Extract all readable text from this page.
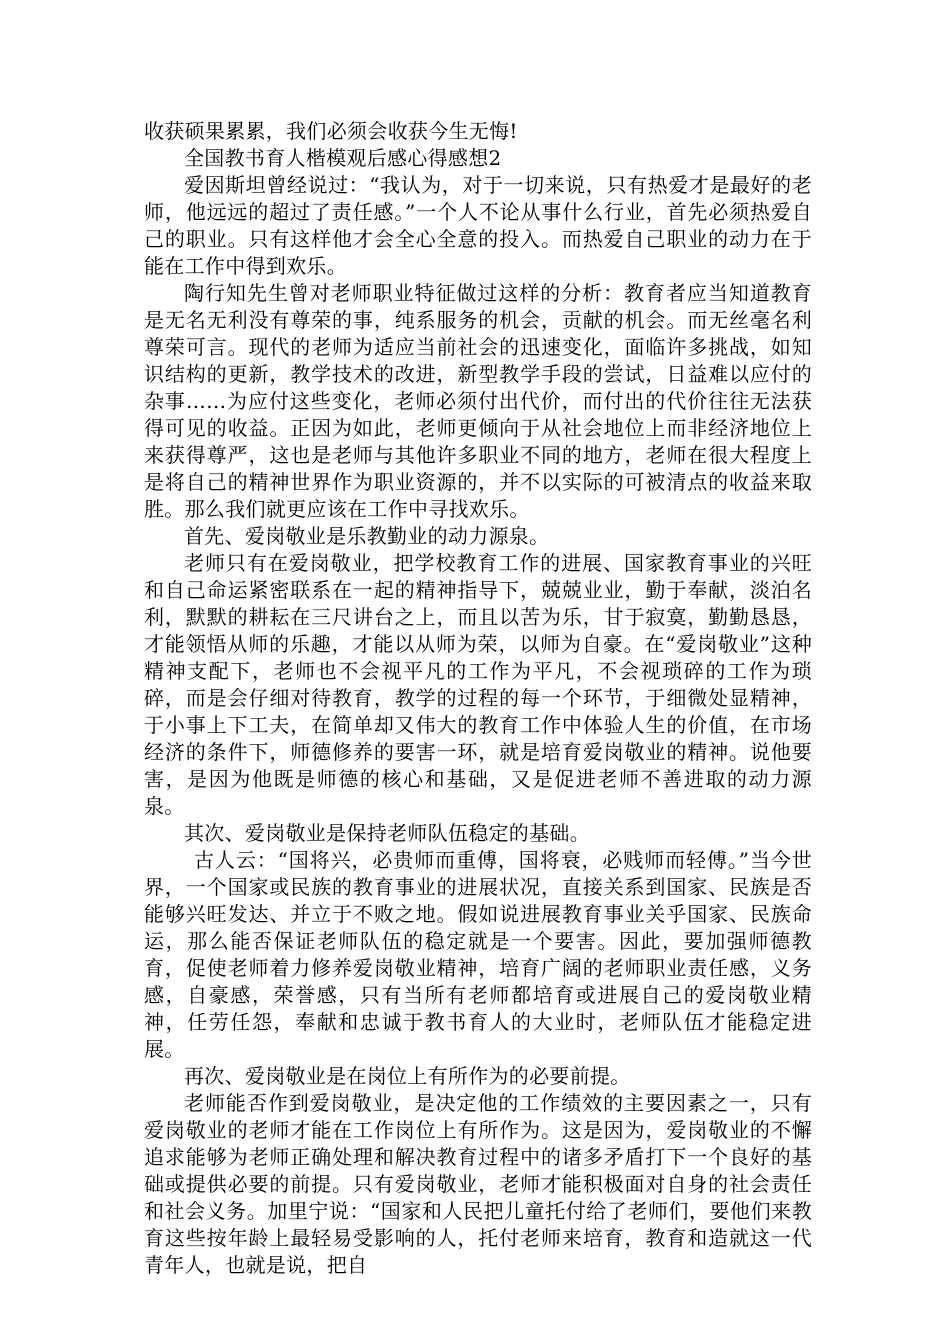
收获硕果累累，我们必须会收获今生无悔!

全国教书育人楷模观后感心得感想2

爱因斯坦曾经说过：“我认为，对于一切来说，只有热爱才是最好的老师，他远远的超过了责任感。”一个人不论从事什么行业，首先必须热爱自己的职业。只有这样他才会全心全意的投入。而热爱自己职业的动力在于能在工作中得到欢乐。

陶行知先生曾对老师职业特征做过这样的分析：教育者应当知道教育是无名无利没有尊荣的事，纯系服务的机会，贡献的机会。而无丝毫名利尊荣可言。现代的老师为适应当前社会的迅速变化，面临许多挑战，如知识结构的更新，教学技术的改进，新型教学手段的尝试，日益难以应付的杂事……为应付这些变化，老师必须付出代价，而付出的代价往往无法获得可见的收益。正因为如此，老师更倾向于从社会地位上而非经济地位上来获得尊严，这也是老师与其他许多职业不同的地方，老师在很大程度上是将自己的精神世界作为职业资源的，并不以实际的可被清点的收益来取胜。那么我们就更应该在工作中寻找欢乐。

首先、爱岗敬业是乐教勤业的动力源泉。

老师只有在爱岗敬业，把学校教育工作的进展、国家教育事业的兴旺和自己命运紧密联系在一起的精神指导下，兢兢业业，勤于奉献，淡泊名利，默默的耕耘在三尺讲台之上，而且以苦为乐，甘于寂寞，勤勤恳恳，才能领悟从师的乐趣，才能以从师为荣，以师为自豪。在“爱岗敬业”这种精神支配下，老师也不会视平凡的工作为平凡，不会视琐碎的工作为琐碎，而是会仔细对待教育，教学的过程的每一个环节，于细微处显精神，于小事上下工夫，在简单却又伟大的教育工作中体验人生的价值，在市场经济的条件下，师德修养的要害一环，就是培育爱岗敬业的精神。说他要害，是因为他既是师德的核心和基础，又是促进老师不善进取的动力源泉。

其次、爱岗敬业是保持老师队伍稳定的基础。

古人云：“国将兴，必贵师而重傅，国将衰，必贱师而轻傅。”当今世界，一个国家或民族的教育事业的进展状况，直接关系到国家、民族是否能够兴旺发达、并立于不败之地。假如说进展教育事业关乎国家、民族命运，那么能否保证老师队伍的稳定就是一个要害。因此，要加强师德教育，促使老师着力修养爱岗敬业精神，培育广阔的老师职业责任感，义务感，自豪感，荣誉感，只有当所有老师都培育或进展自己的爱岗敬业精神，任劳任怨，奉献和忠诚于教书育人的大业时，老师队伍才能稳定进展。

再次、爱岗敬业是在岗位上有所作为的必要前提。

老师能否作到爱岗敬业，是决定他的工作绩效的主要因素之一，只有爱岗敬业的老师才能在工作岗位上有所作为。这是因为，爱岗敬业的不懈追求能够为老师正确处理和解决教育过程中的诸多矛盾打下一个良好的基础或提供必要的前提。只有爱岗敬业，老师才能积极面对自身的社会责任和社会义务。加里宁说：“国家和人民把儿童托付给了老师们，要他们来教育这些按年龄上最轻易受影响的人，托付老师来培育，教育和造就这一代青年人，也就是说，把自
